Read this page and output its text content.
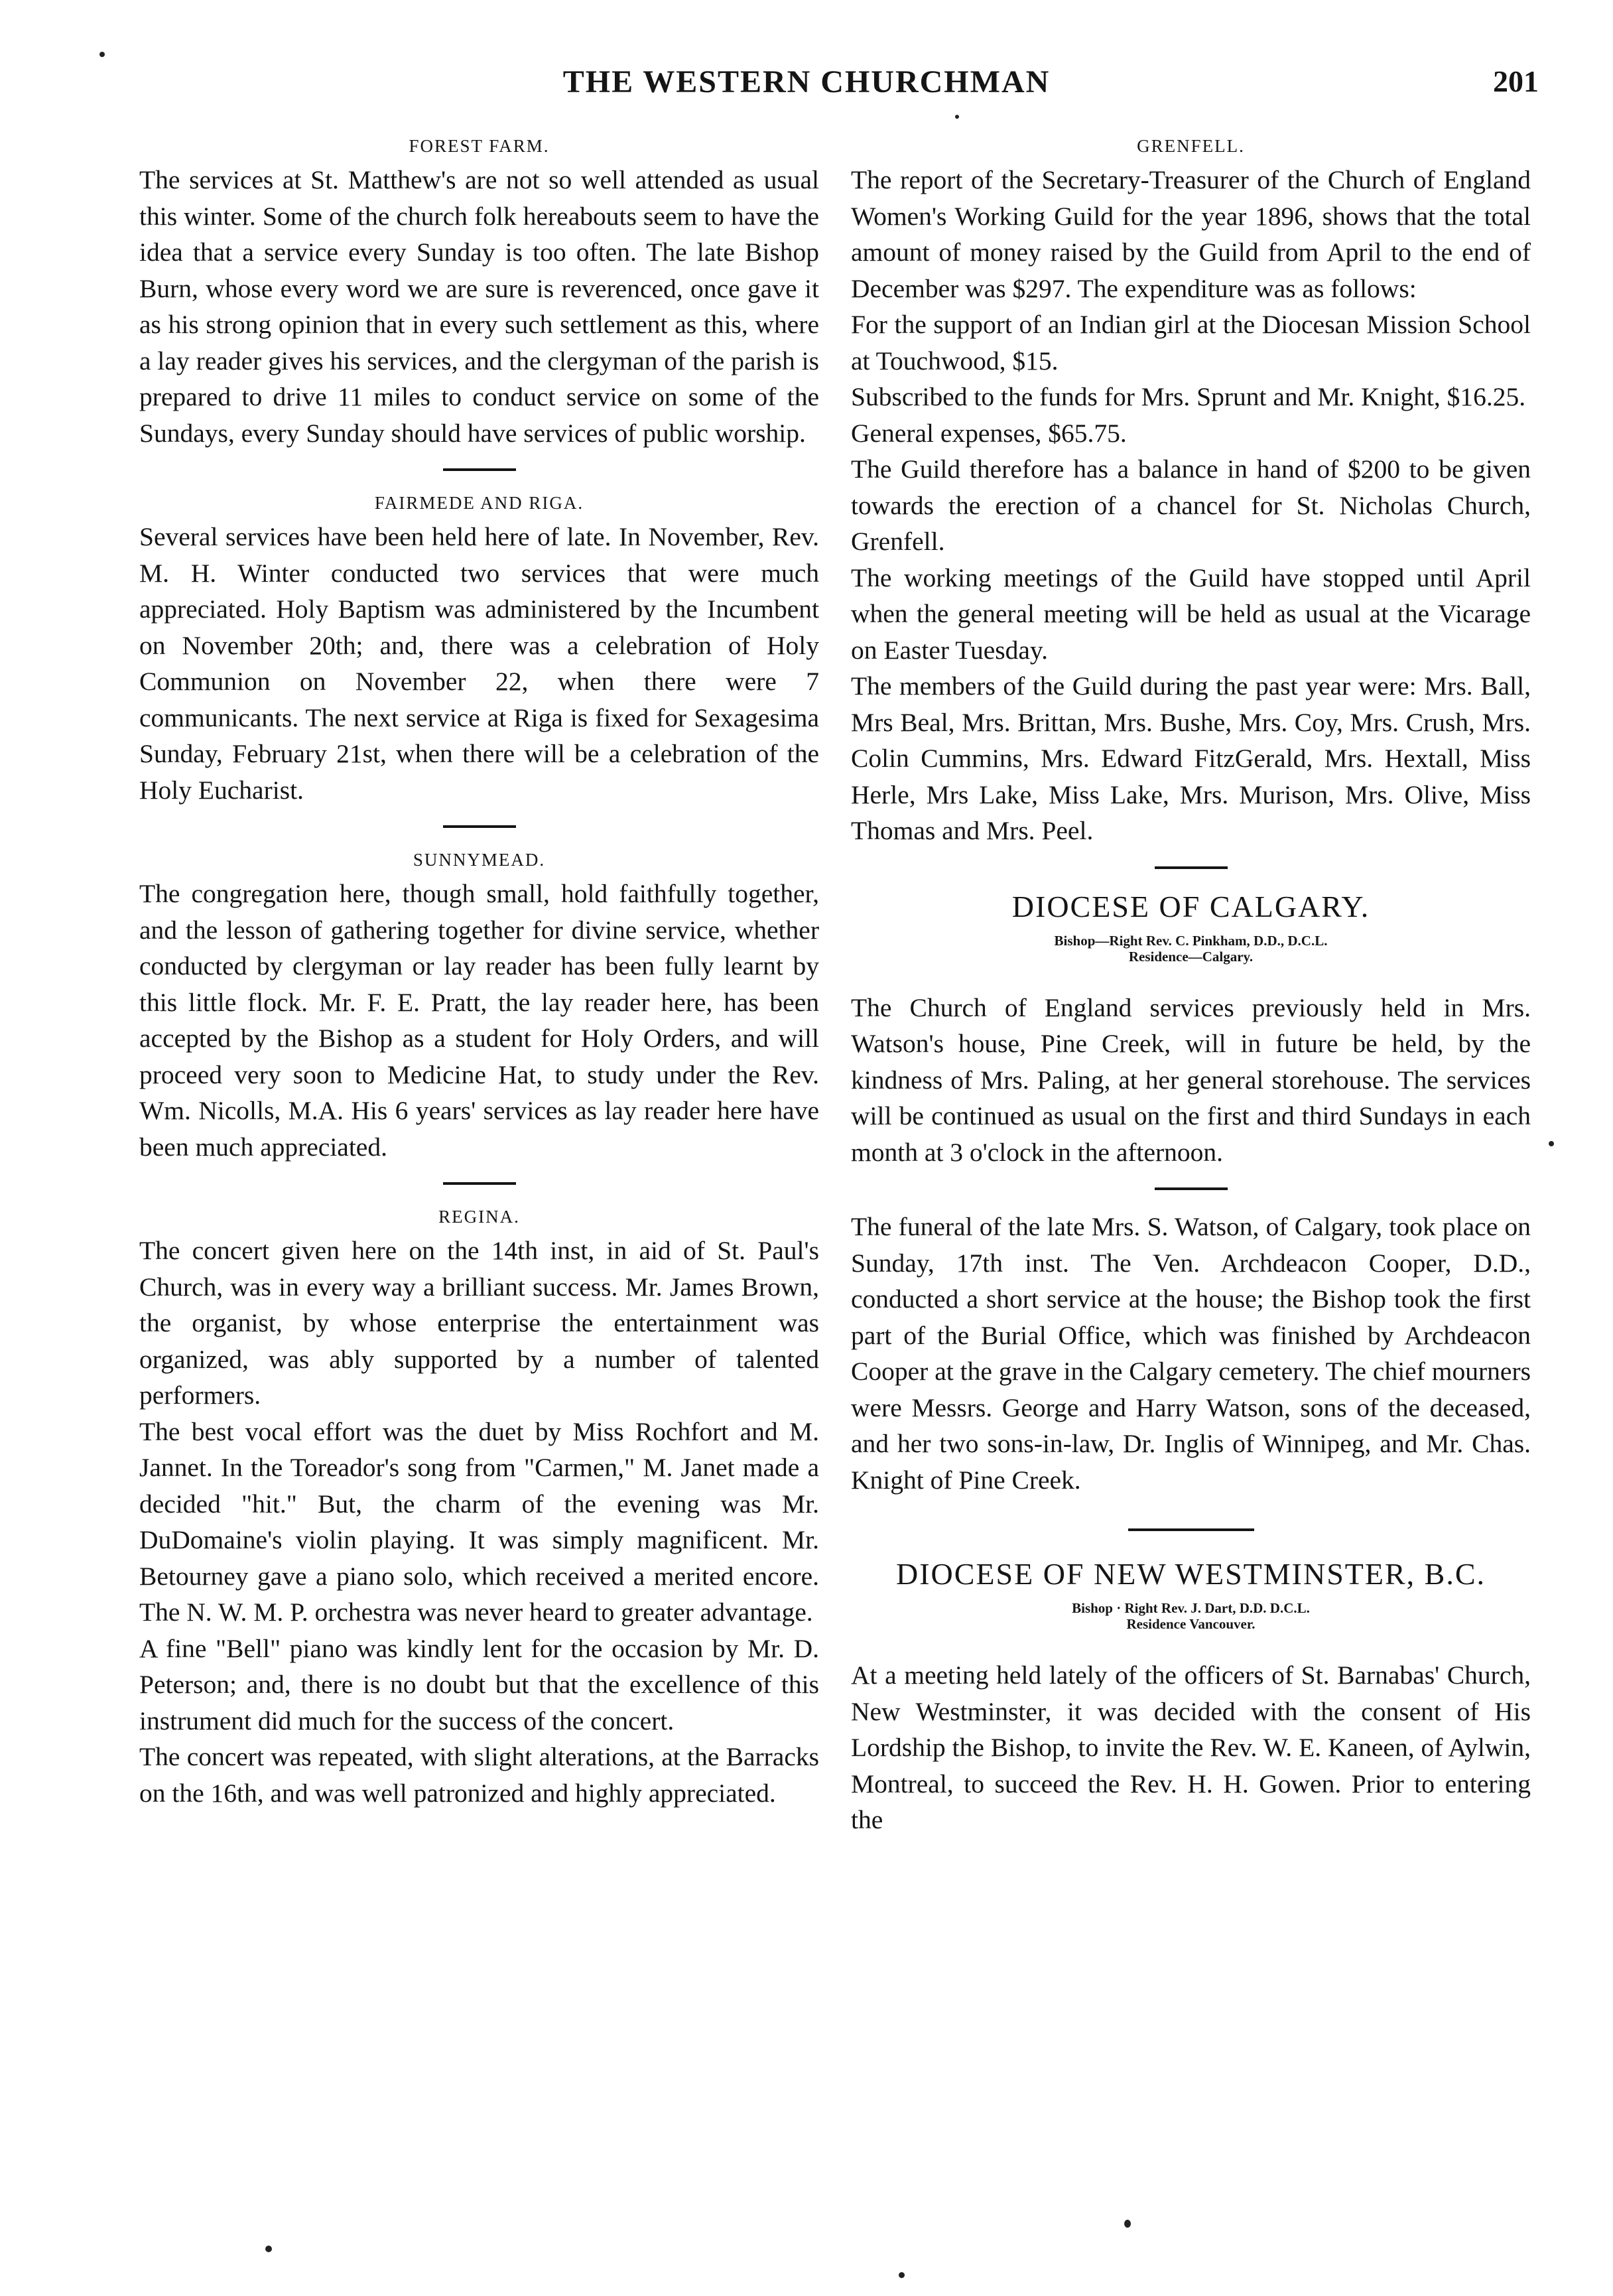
THE WESTERN CHURCHMAN	201
FOREST FARM.

The services at St. Matthew's are not so well attended as usual this winter. Some of the church folk hereabouts seem to have the idea that a service every Sunday is too often. The late Bishop Burn, whose every word we are sure is reverenced, once gave it as his strong opinion that in every such settlement as this, where a lay reader gives his services, and the clergyman of the parish is prepared to drive 11 miles to conduct service on some of the Sundays, every Sunday should have services of public worship.

FAIRMEDE AND RIGA.

Several services have been held here of late. In November, Rev. M. H. Winter conducted two services that were much appreciated. Holy Baptism was administered by the Incumbent on November 20th; and, there was a celebration of Holy Communion on November 22, when there were 7 communicants. The next service at Riga is fixed for Sexagesima Sunday, February 21st, when there will be a celebration of the Holy Eucharist.

SUNNYMEAD.

The congregation here, though small, hold faithfully together, and the lesson of gathering together for divine service, whether conducted by clergyman or lay reader has been fully learnt by this little flock. Mr. F. E. Pratt, the lay reader here, has been accepted by the Bishop as a student for Holy Orders, and will proceed very soon to Medicine Hat, to study under the Rev. Wm. Nicolls, M.A. His 6 years' services as lay reader here have been much appreciated.

REGINA.

The concert given here on the 14th inst, in aid of St. Paul's Church, was in every way a brilliant success. Mr. James Brown, the organist, by whose enterprise the entertainment was organized, was ably supported by a number of talented performers.

The best vocal effort was the duet by Miss Rochfort and M. Jannet. In the Toreador's song from "Carmen," M. Janet made a decided "hit." But, the charm of the evening was Mr. DuDomaine's violin playing. It was simply magnificent. Mr. Betourney gave a piano solo, which received a merited encore. The N. W. M. P. orchestra was never heard to greater advantage.

A fine "Bell" piano was kindly lent for the occasion by Mr. D. Peterson; and, there is no doubt but that the excellence of this instrument did much for the success of the concert.

The concert was repeated, with slight alterations, at the Barracks on the 16th, and was well patronized and highly appreciated.

GRENFELL.

The report of the Secretary-Treasurer of the Church of England Women's Working Guild for the year 1896, shows that the total amount of money raised by the Guild from April to the end of December was $297. The expenditure was as follows:

For the support of an Indian girl at the Diocesan Mission School at Touchwood, $15.

Subscribed to the funds for Mrs. Sprunt and Mr. Knight, $16.25.

General expenses, $65.75.

The Guild therefore has a balance in hand of $200 to be given towards the erection of a chancel for St. Nicholas Church, Grenfell.

The working meetings of the Guild have stopped until April when the general meeting will be held as usual at the Vicarage on Easter Tuesday.

The members of the Guild during the past year were: Mrs. Ball, Mrs Beal, Mrs. Brittan, Mrs. Bushe, Mrs. Coy, Mrs. Crush, Mrs. Colin Cummins, Mrs. Edward FitzGerald, Mrs. Hextall, Miss Herle, Mrs Lake, Miss Lake, Mrs. Murison, Mrs. Olive, Miss Thomas and Mrs. Peel.

DIOCESE OF CALGARY.
Bishop—Right Rev. C. Pinkham, D.D., D.C.L.
Residence—Calgary.

The Church of England services previously held in Mrs. Watson's house, Pine Creek, will in future be held, by the kindness of Mrs. Paling, at her general storehouse. The services will be continued as usual on the first and third Sundays in each month at 3 o'clock in the afternoon.

The funeral of the late Mrs. S. Watson, of Calgary, took place on Sunday, 17th inst. The Ven. Archdeacon Cooper, D.D., conducted a short service at the house; the Bishop took the first part of the Burial Office, which was finished by Archdeacon Cooper at the grave in the Calgary cemetery. The chief mourners were Messrs. George and Harry Watson, sons of the deceased, and her two sons-in-law, Dr. Inglis of Winnipeg, and Mr. Chas. Knight of Pine Creek.

DIOCESE OF NEW WESTMINSTER, B.C.
Bishop · Right Rev. J. Dart, D.D. D.C.L.
Residence Vancouver.

At a meeting held lately of the officers of St. Barnabas' Church, New Westminster, it was decided with the consent of His Lordship the Bishop, to invite the Rev. W. E. Kaneen, of Aylwin, Montreal, to succeed the Rev. H. H. Gowen. Prior to entering the
